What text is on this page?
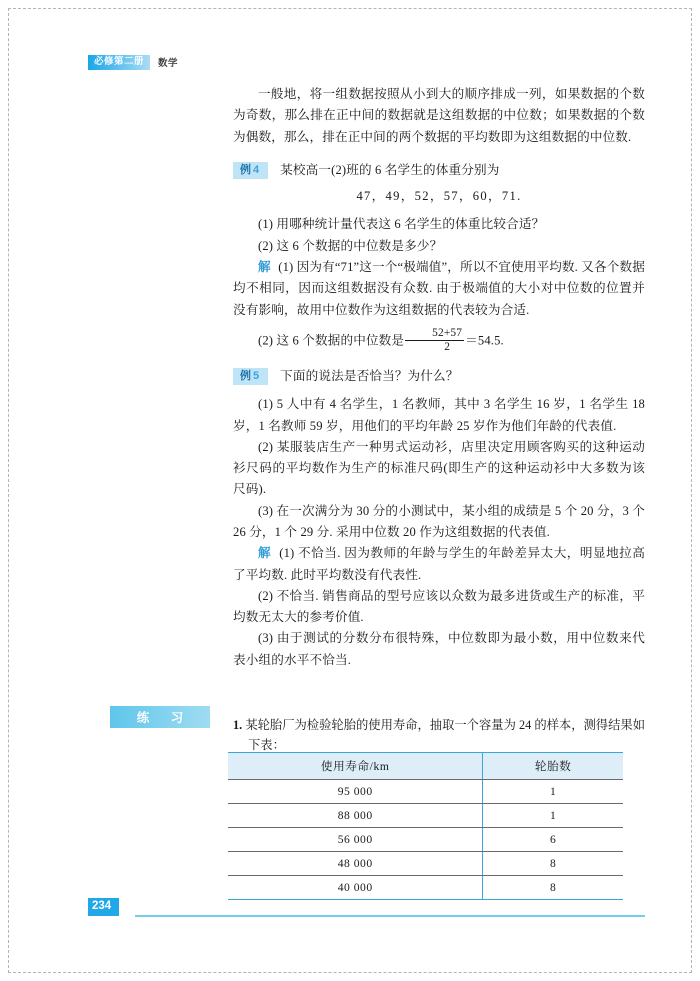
必修第二册	数学

一般地，将一组数据按照从小到大的顺序排成一列，如果数据的个数为奇数，那么排在正中间的数据就是这组数据的中位数；如果数据的个数为偶数，那么，排在正中间的两个数据的平均数即为这组数据的中位数.

例4 某校高一(2)班的 6 名学生的体重分别为

47，49，52，57，60，71.

(1) 用哪种统计量代表这 6 名学生的体重比较合适？

(2) 这 6 个数据的中位数是多少？

解 (1) 因为有“71”这一个“极端值”，所以不宜使用平均数. 又各个数据均不相同，因而这组数据没有众数. 由于极端值的大小对中位数的位置并没有影响，故用中位数作为这组数据的代表较为合适.

(2) 这 6 个数据的中位数是 $\frac{52+57}{2} =54.5$.

例5 下面的说法是否恰当？为什么？

(1) 5 人中有 4 名学生，1 名教师，其中 3 名学生 16 岁，1 名学生 18 岁，1 名教师 59 岁，用他们的平均年龄 25 岁作为他们年龄的代表值.

(2) 某服装店生产一种男式运动衫，店里决定用顾客购买的这种运动衫尺码的平均数作为生产的标准尺码(即生产的这种运动衫中大多数为该尺码).

(3) 在一次满分为 30 分的小测试中，某小组的成绩是 5 个 20 分，3 个 26 分，1 个 29 分. 采用中位数 20 作为这组数据的代表值.

解 (1) 不恰当. 因为教师的年龄与学生的年龄差异太大，明显地拉高了平均数. 此时平均数没有代表性.

(2) 不恰当. 销售商品的型号应该以众数为最多进货或生产的标准，平均数无太大的参考价值.

(3) 由于测试的分数分布很特殊，中位数即为最小数，用中位数来代表小组的水平不恰当.

练 习

1. 某轮胎厂为检验轮胎的使用寿命，抽取一个容量为 24 的样本，测得结果如下表：

使用寿命/km	轮胎数
95 000	1
88 000	1
56 000	6
48 000	8
40 000	8
234
